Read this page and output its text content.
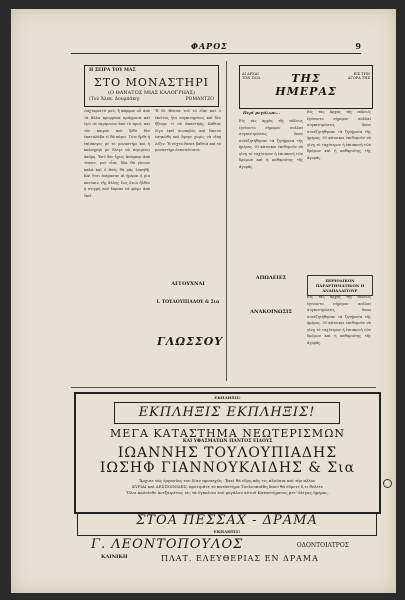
ΦΑΡΟΣ	9
Η ΣΕΙΡΑ ΤΟΥ ΜΑΣ
ΣΤΟ ΜΟΝΑΣΤΗΡΙ
(Ο ΘΑΝΑΤΟΣ ΜΙΑΣ ΚΑΛΟΓΡΗΑΣ)
(Τοῦ Ἀλεκ. Δουμπάκη)	ΡΟΜΑΝΤΖΟ
Λαχταριστὰ μοῦ, ἤ κάρφον οὗ ἀπὸ τὰ ἄλλα κρυμμένα πράγματα καὶ ἐγώ σὲ περίμενον ἀπὸ τὸ πρωί, καὶ τὸν καιρὸν ποὺ ἤλθε δὲν ἐκαταλάβα τί θὰ κάμω. Τότε ἤρθε ἡ ἐπίσκεψις μὲ τὸ μοναστήρι καὶ ἡ καλογρηὰ μὲ ἔλεγε νὰ περιμένω ἀκόμη. Ἐσὺ δὲν ἔχεις ἀνάγκην ἀπὸ τίποτε, μοῦ εἶπε, ὅλα θὰ γίνουν καλὰ καὶ ὁ Θεὸς θὰ μᾶς λυπηθῇ. Καὶ ἔτσι ἐπέρασαν αἱ ἡμέραι ἡ μία κατόπιν τῆς ἄλλης ἕως ὅτου ἦλθεν ἡ στιγμὴ ποὺ ἔπρεπε νὰ φύγω ἀπὸ ἐκεῖ.
Ἡ δὲ Θέσσα τοῦ τὸ εἶπε καὶ ὁ ἐκεῖνος ἦτο συγκινημένος καὶ δὲν ἤξευρε τί νὰ ἀπαντήσῃ. Κάθισε λίγο ἐκεῖ σιωπηλὸς καὶ ἔπειτα ἐσηκώθη καὶ ἔφυγε χωρὶς νὰ εἴπῃ λέξιν. Ἡ νύχτα ἔπεσε βαθειὰ καὶ τὸ μοναστήρι ἐσκοτείνιασε.
ΑΓΓΟΥΧΝΑΙ
Ι. ΤΟΥΛΟΥΠΙΑΔΟΥ & Σια
ΓΛΩΣΣΟΥ
ΑΙ ΑΡΧΑΙ ΤΩΝ ΠΟΛ.	ΤΗΣ ΗΜΕΡΑΣ
ΕΙΣ ΤΗΝ ΑΓΟΡΑ ΤΗΣ
Περί μεγάλων...
Εἰς τὰς ἀρχὰς τῆς πόλεως ἐγένοντο σήμερον πολλαὶ συγκεντρώσεις ὅπου συνεζητήθησαν τὰ ζητήματα τῆς ἡμέρας. Οἱ κάτοικοι ἐπιθυμοῦν νὰ γίνῃ τὸ ταχύτερον ἡ ἐπισκευὴ τῶν δρόμων καὶ ἡ καθαριότης τῆς ἀγορᾶς.
Εἰς τὰς ἀρχὰς τῆς πόλεως ἐγένοντο σήμερον πολλαὶ συγκεντρώσεις ὅπου συνεζητήθησαν τὰ ζητήματα τῆς ἡμέρας. Οἱ κάτοικοι ἐπιθυμοῦν νὰ γίνῃ τὸ ταχύτερον ἡ ἐπισκευὴ τῶν δρόμων καὶ ἡ καθαριότης τῆς ἀγορᾶς.
ΑΠΩΛΕΙΕΣ
ΑΝΑΚΟΙΝΩΣΙΣ
ΠΕΡΙΟΔΙΚΟΝ ΠΑΡΑΡΤΗΜΑΤΙΚΟΝ Η ΑΝΑΠΑΛΑΙΤΟΥΡ
Εἰς τὰς ἀρχὰς τῆς πόλεως ἐγένοντο σήμερον πολλαὶ συγκεντρώσεις ὅπου συνεζητήθησαν τὰ ζητήματα τῆς ἡμέρας. Οἱ κάτοικοι ἐπιθυμοῦν νὰ γίνῃ τὸ ταχύτερον ἡ ἐπισκευὴ τῶν δρόμων καὶ ἡ καθαριότης τῆς ἀγορᾶς.
ΕΚΠΛΗΞΙΣ!
ΕΚΠΛΗΞΙΣ ΕΚΠΛΗΞΙΣ!
ΜΕΓΑ ΚΑΤΑΣΤΗΜΑ ΝΕΩΤΕΡΙΣΜΩΝ
ΚΑΙ ΥΦΑΣΜΑΤΩΝ ΠΑΝΤΟΣ ΕΙΔΟΥΣ
ΙΩΑΝΝΗΣ ΤΟΥΛΟΥΠΙΑΔΗΣ
ΙΩΣΗΦ ΓΙΑΝΝΟΥΚΛΙΔΗΣ & Σια
Ἄρχισε τὰς ἐργασίας του λίαν προσεχῶς. Ἐκεῖ θὰ εὕρη πᾶς τις πλούσια καὶ τὴν πλέον
ΚΥΡΙΑΙ καὶ ΔΕΣΠΟΙΝΙΔΕΣ, προτιμᾶτε τὸ κατάστημα Τουλουπιάδη ὅπου θὰ εὕρετε ὅ,τι θέλετε
Ὅλοι καλεῖσθε ἀνεξαιρέτως εἰς τὰ ἐγκαίνια τοῦ μεγάλου αὐτοῦ Καταστήματος μετ' ὀλίγας ἡμέρας.
ΣΤΟΑ ΠΕΣΣΑΧ - ΔΡΑΜΑ
ΕΚΠΛΗΞΙΣ!
Γ. ΛΕΟΝΤΟΠΟΥΛΟΣ	ΟΔΟΝΤΟΙΑΤΡΟΣ
ΚΛΙΝΙΚΗ	ΠΛΑΤ. ΕΛΕΥΘΕΡΙΑΣ ΕΝ ΔΡΑΜΑ
